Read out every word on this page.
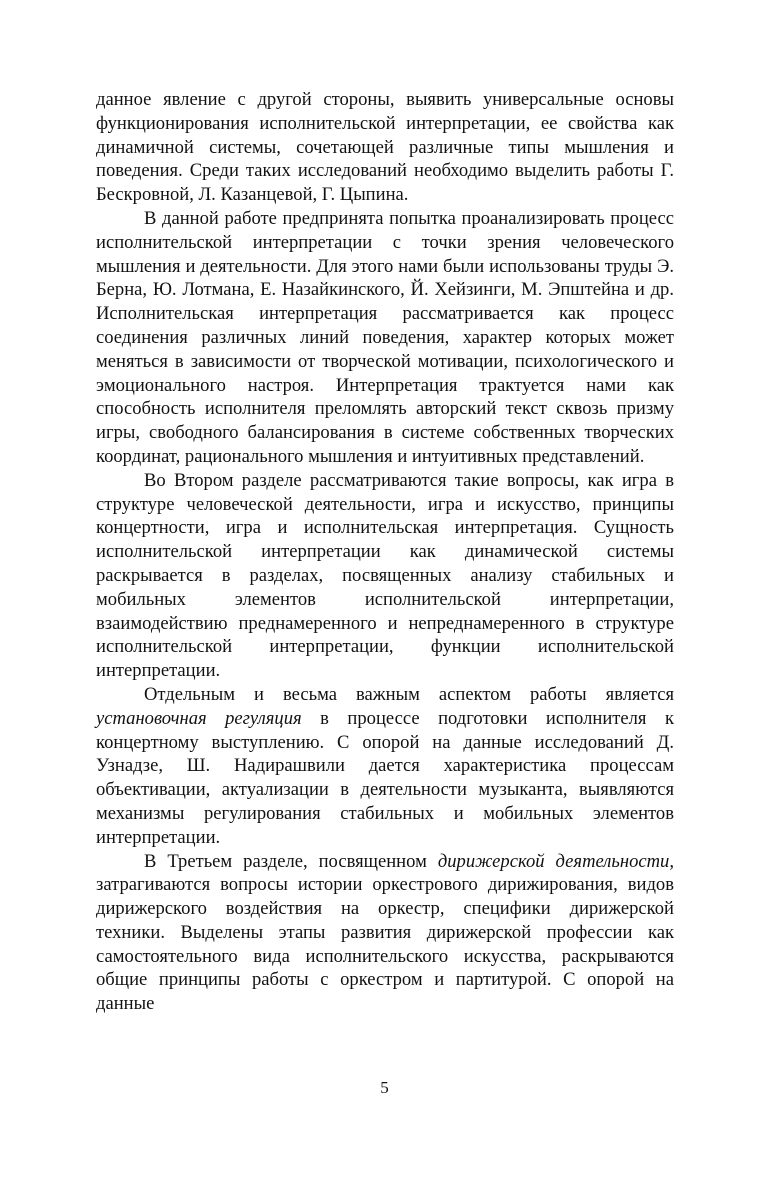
данное явление с другой стороны, выявить универсальные основы функционирования исполнительской интерпретации, ее свойства как динамичной системы, сочетающей различные типы мышления и поведения. Среди таких исследований необходимо выделить работы Г. Бескровной, Л. Казанцевой, Г. Цыпина.

В данной работе предпринята попытка проанализировать процесс исполнительской интерпретации с точки зрения человеческого мышления и деятельности. Для этого нами были использованы труды Э. Берна, Ю. Лотмана, Е. Назайкинского, Й. Хейзинги, М. Эпштейна и др. Исполнительская интерпретация рассматривается как процесс соединения различных линий поведения, характер которых может меняться в зависимости от творческой мотивации, психологического и эмоционального настроя. Интерпретация трактуется нами как способность исполнителя преломлять авторский текст сквозь призму игры, свободного балансирования в системе собственных творческих координат, рационального мышления и интуитивных представлений.

Во Втором разделе рассматриваются такие вопросы, как игра в структуре человеческой деятельности, игра и искусство, принципы концертности, игра и исполнительская интерпретация. Сущность исполнительской интерпретации как динамической системы раскрывается в разделах, посвященных анализу стабильных и мобильных элементов исполнительской интерпретации, взаимодействию преднамеренного и непреднамеренного в структуре исполнительской интерпретации, функции исполнительской интерпретации.

Отдельным и весьма важным аспектом работы является установочная регуляция в процессе подготовки исполнителя к концертному выступлению. С опорой на данные исследований Д. Узнадзе, Ш. Надирашвили дается характеристика процессам объективации, актуализации в деятельности музыканта, выявляются механизмы регулирования стабильных и мобильных элементов интерпретации.

В Третьем разделе, посвященном дирижерской деятельности, затрагиваются вопросы истории оркестрового дирижирования, видов дирижерского воздействия на оркестр, специфики дирижерской техники. Выделены этапы развития дирижерской профессии как самостоятельного вида исполнительского искусства, раскрываются общие принципы работы с оркестром и партитурой. С опорой на данные

5
